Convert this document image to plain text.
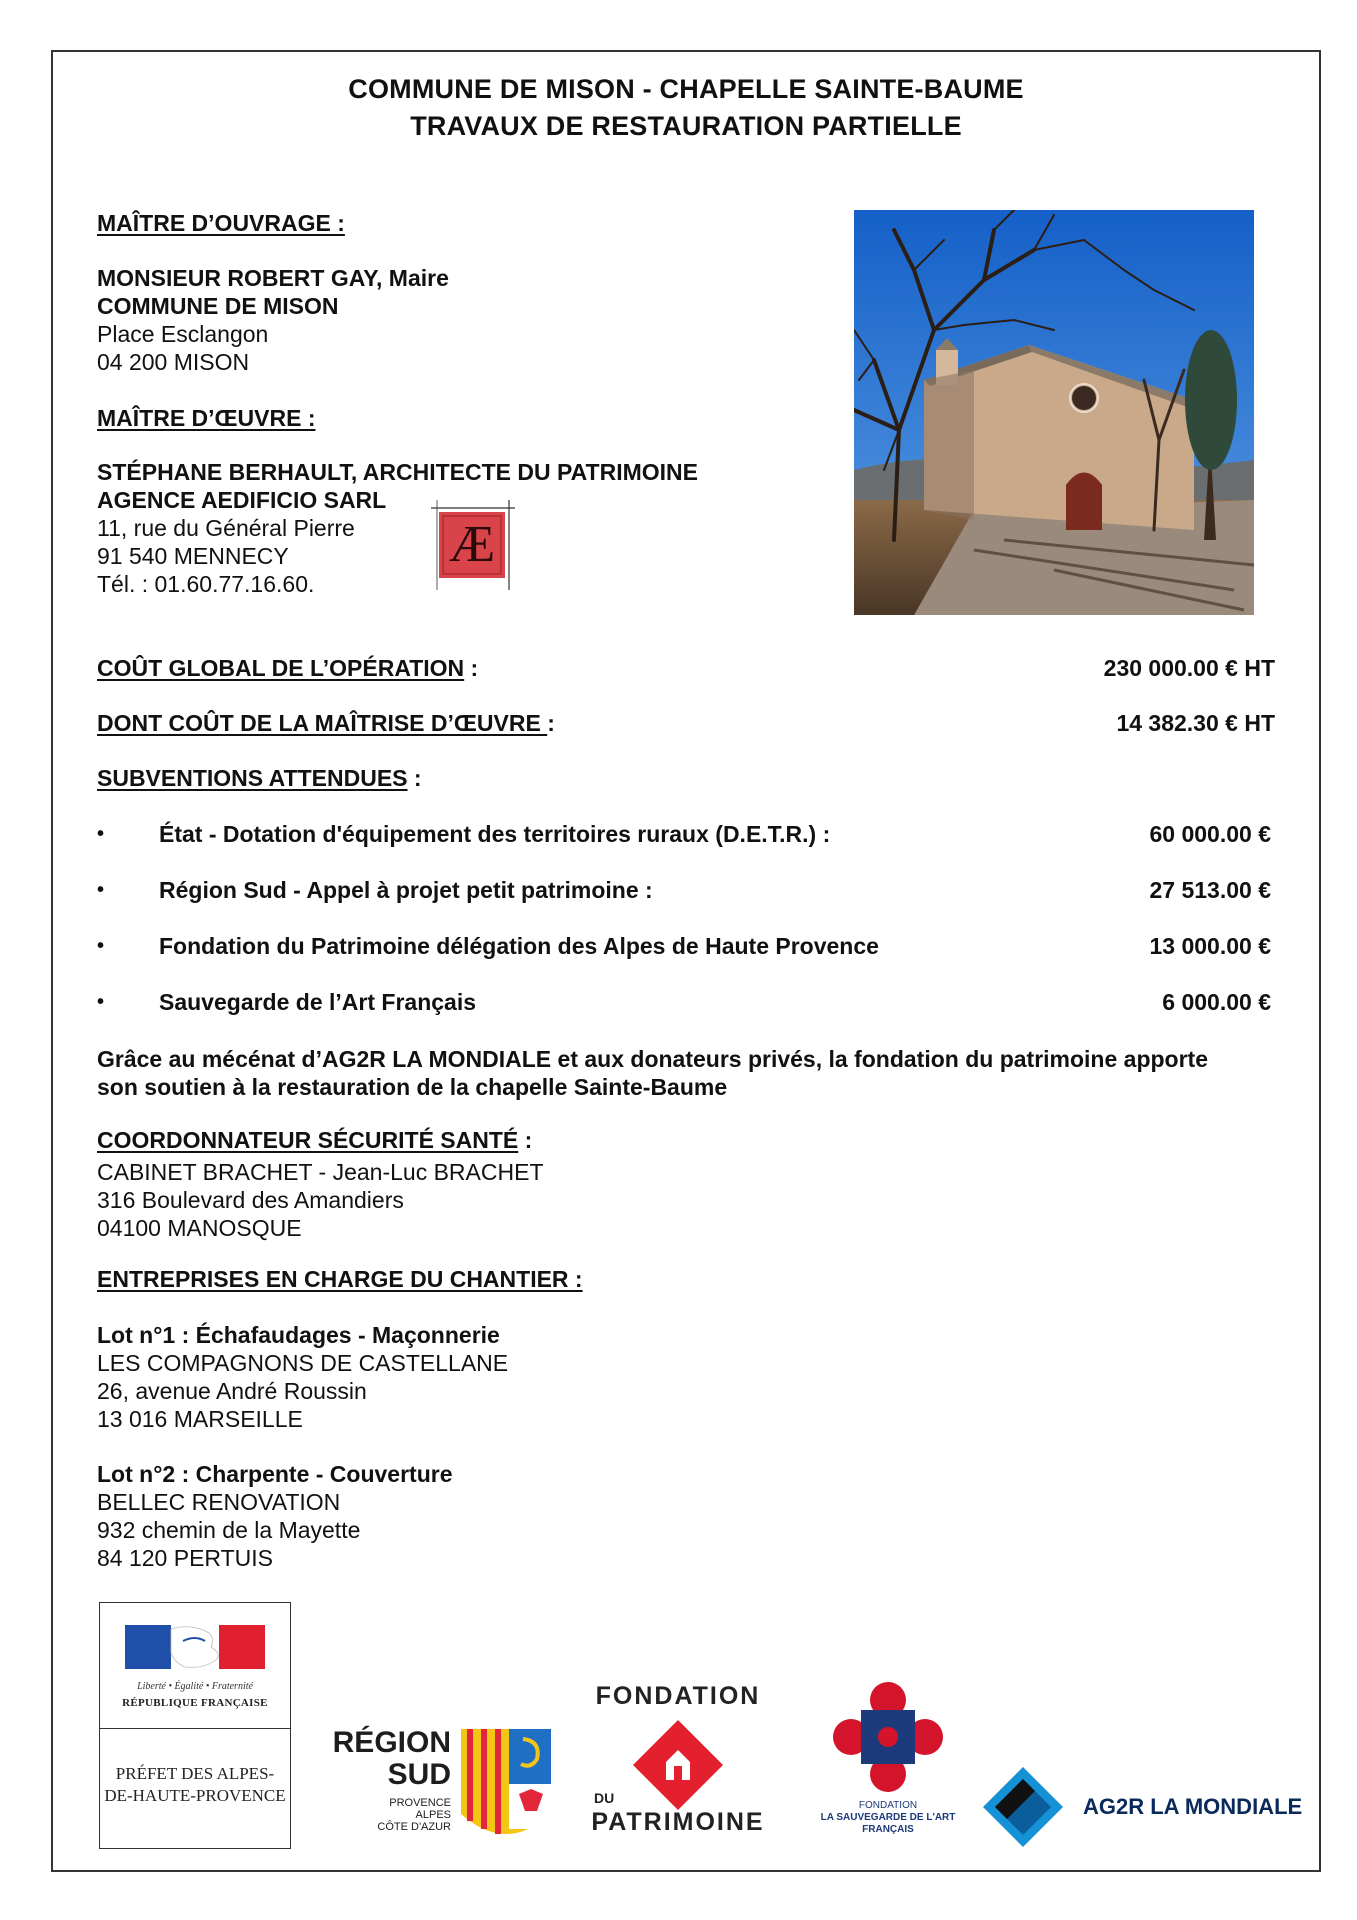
COMMUNE DE MISON - CHAPELLE SAINTE-BAUME
TRAVAUX DE RESTAURATION PARTIELLE
MAÎTRE D’OUVRAGE :
MONSIEUR ROBERT GAY, Maire
COMMUNE DE MISON
Place Esclangon
04 200 MISON
MAÎTRE D’ŒUVRE :
STÉPHANE BERHAULT, ARCHITECTE DU PATRIMOINE
AGENCE AEDIFICIO SARL
11, rue du Général Pierre
91 540 MENNECY
Tél. : 01.60.77.16.60.
Æ
COÛT GLOBAL DE L’OPÉRATION :	230 000.00 € HT
DONT COÛT DE LA MAÎTRISE D’ŒUVRE :	14 382.30 € HT
SUBVENTIONS ATTENDUES :
• État - Dotation d'équipement des territoires ruraux (D.E.T.R.) :	60 000.00 €
• Région Sud - Appel à projet petit patrimoine :	27 513.00 €
• Fondation du Patrimoine délégation des Alpes de Haute Provence	13 000.00 €
• Sauvegarde de l’Art Français	6 000.00 €
Grâce au mécénat d’AG2R LA MONDIALE et aux donateurs privés, la fondation du patrimoine apporte
son soutien à la restauration de la chapelle Sainte-Baume
COORDONNATEUR SÉCURITÉ SANTÉ :
CABINET BRACHET - Jean-Luc BRACHET
316 Boulevard des Amandiers
04100 MANOSQUE
ENTREPRISES EN CHARGE DU CHANTIER :
Lot n°1 : Échafaudages - Maçonnerie
LES COMPAGNONS DE CASTELLANE
26, avenue André Roussin
13 016 MARSEILLE
Lot n°2 : Charpente - Couverture
BELLEC RENOVATION
932 chemin de la Mayette
84 120 PERTUIS
Liberté • Égalité • Fraternité
RÉPUBLIQUE FRANÇAISE
PRÉFET DES ALPES-
DE-HAUTE-PROVENCE
RÉGION
SUD
PROVENCE
ALPES
CÔTE D'AZUR
FONDATION
DU
PATRIMOINE
FONDATION
LA SAUVEGARDE DE L'ART
FRANÇAIS
AG2R LA MONDIALE
